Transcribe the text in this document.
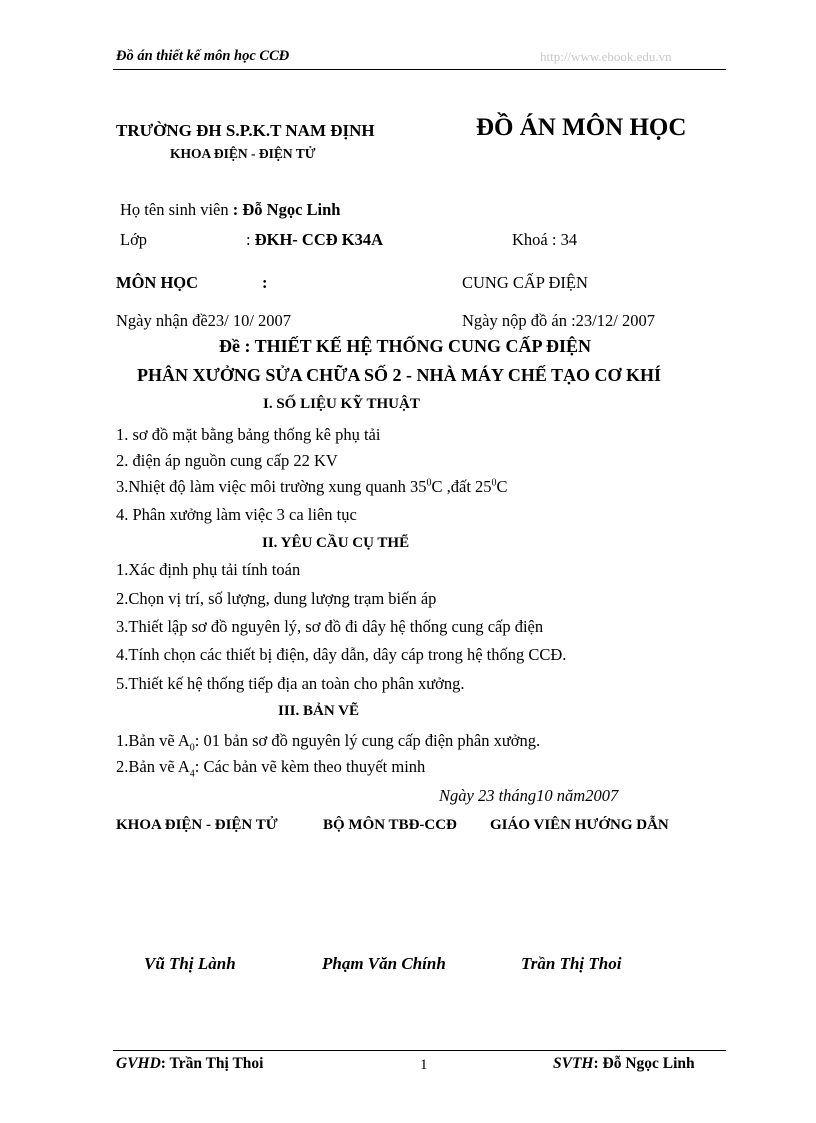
Đồ án thiết kế môn học CCĐ	http://www.ebook.edu.vn
TRƯỜNG ĐH S.P.K.T NAM ĐỊNH
KHOA ĐIỆN - ĐIỆN TỬ
ĐỒ ÁN MÔN HỌC
Họ tên sinh viên : Đỗ Ngọc Linh
Lớp	: ĐKH- CCĐ K34A	Khoá : 34
MÔN HỌC	:	CUNG CẤP ĐIỆN
Ngày nhận đề23/ 10/ 2007	Ngày nộp đồ án :23/12/ 2007
Đề : THIẾT KẾ HỆ THỐNG CUNG CẤP ĐIỆN
PHÂN XƯỞNG SỬA CHỮA SỐ 2 - NHÀ MÁY CHẾ TẠO CƠ KHÍ
I. SỐ LIỆU KỸ THUẬT
1. sơ đồ mặt bằng bảng thống kê phụ tải
2. điện áp nguồn cung cấp 22 KV
3.Nhiệt độ làm việc môi trường xung quanh $35^0C$ ,đất $25^0C$
4. Phân xưởng làm việc 3 ca liên tục
II. YÊU CẦU CỤ THỂ
1.Xác định phụ tải tính toán
2.Chọn vị trí, số lượng, dung lượng trạm biến áp
3.Thiết lập sơ đồ nguyên lý, sơ đồ đi dây hệ thống cung cấp điện
4.Tính chọn các thiết bị điện, dây dẫn, dây cáp trong hệ thống CCĐ.
5.Thiết kế hệ thống tiếp địa an toàn cho phân xưởng.
III. BẢN VẼ
1.Bản vẽ $A_0$: 01 bản sơ đồ nguyên lý cung cấp điện phân xưởng.
2.Bản vẽ $A_4$: Các bản vẽ kèm theo thuyết minh
Ngày 23 tháng10 năm2007
KHOA ĐIỆN - ĐIỆN TỬ	BỘ MÔN TBĐ-CCĐ GIÁO VIÊN HƯỚNG DẪN
Vũ Thị Lành	Phạm Văn Chính	Trần Thị Thoi
GVHD: Trần Thị Thoi	1	SVTH: Đỗ Ngọc Linh
